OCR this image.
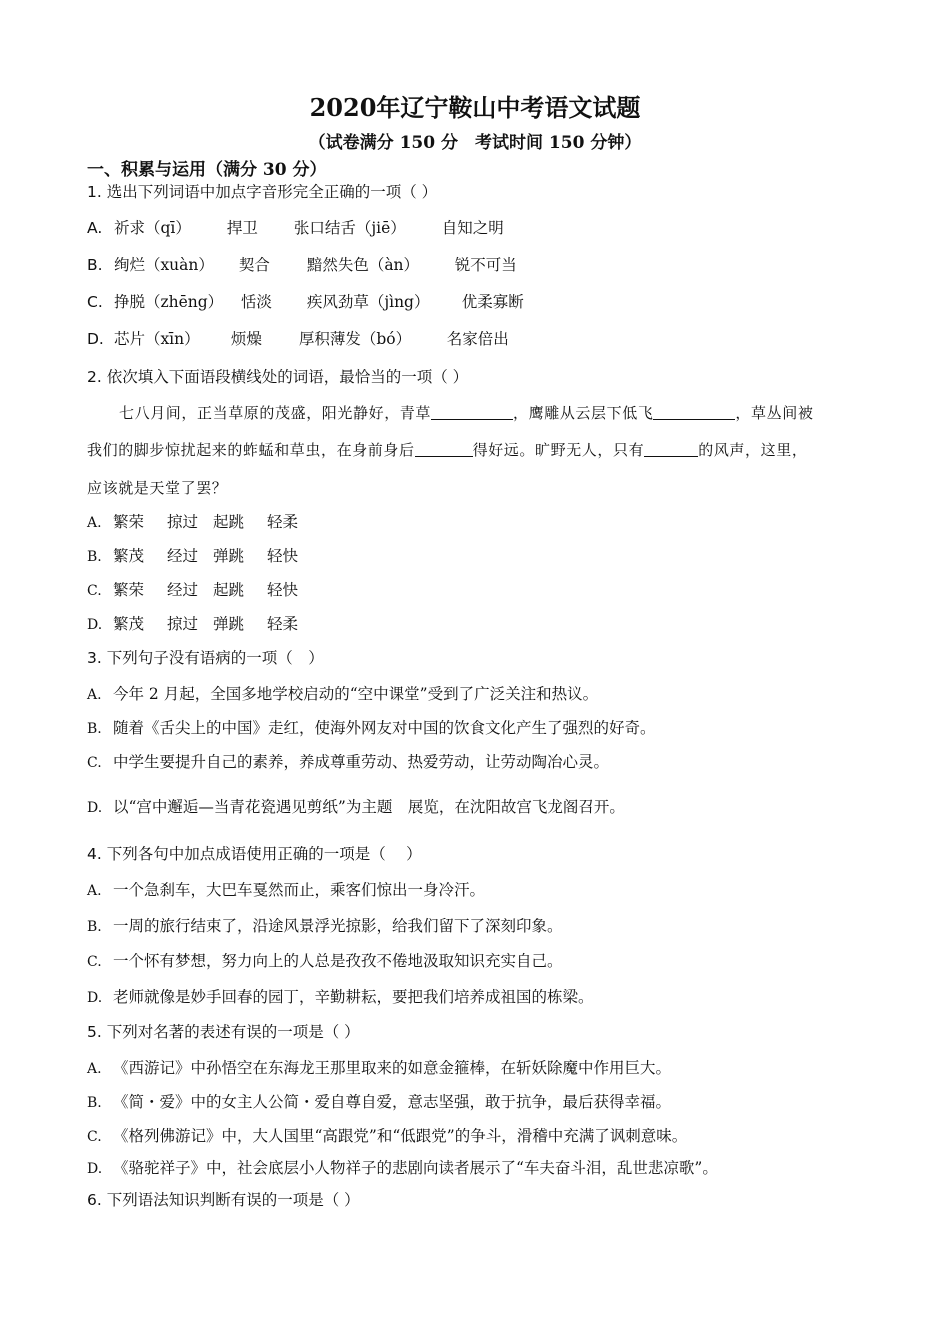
2020年辽宁鞍山中考语文试题
（试卷满分 150 分　考试时间 150 分钟）
一、积累与运用（满分 30 分）
1. 选出下列词语中加点字音形完全正确的一项（ ）
A. 祈求（qī） 捍卫 张口结舌（jiē） 自知之明
B. 绚烂（xuàn） 契合 黯然失色（àn） 锐不可当
C. 挣脱（zhēng） 恬淡 疾风劲草（jìng） 优柔寡断
D. 芯片（xīn） 烦燥 厚积薄发（bó） 名家倍出
2. 依次填入下面语段横线处的词语，最恰当的一项（ ）
七八月间，正当草原的茂盛，阳光静好，青草	，鹰雕从云层下低飞	，草丛间被
我们的脚步惊扰起来的蚱蜢和草虫，在身前身后	得好远。旷野无人，只有	的风声，这里，
应该就是天堂了罢？
A. 繁荣 掠过 起跳 轻柔
B. 繁茂 经过 弹跳 轻快
C. 繁荣 经过 起跳 轻快
D. 繁茂 掠过 弹跳 轻柔
3. 下列句子没有语病的一项（　）
A. 今年 2 月起，全国多地学校启动的“空中课堂”受到了广泛关注和热议。
B. 随着《舌尖上的中国》走红，使海外网友对中国的饮食文化产生了强烈的好奇。
C. 中学生要提升自己的素养，养成尊重劳动、热爱劳动，让劳动陶冶心灵。
D. 以“宫中邂逅—当青花瓷遇见剪纸”为主题　展览，在沈阳故宫飞龙阁召开。
4. 下列各句中加点成语使用正确的一项是（　 ）
A. 一个急刹车，大巴车戛然而止，乘客们惊出一身冷汗。
B. 一周的旅行结束了，沿途风景浮光掠影，给我们留下了深刻印象。
C. 一个怀有梦想，努力向上的人总是孜孜不倦地汲取知识充实自己。
D. 老师就像是妙手回春的园丁，辛勤耕耘，要把我们培养成祖国的栋梁。
5. 下列对名著的表述有误的一项是（ ）
A. 《西游记》中孙悟空在东海龙王那里取来的如意金箍棒，在斩妖除魔中作用巨大。
B. 《简・爱》中的女主人公简・爱自尊自爱，意志坚强，敢于抗争，最后获得幸福。
C. 《格列佛游记》中，大人国里“高跟党”和“低跟党”的争斗，滑稽中充满了讽刺意味。
D. 《骆驼祥子》中，社会底层小人物祥子的悲剧向读者展示了“车夫奋斗泪，乱世悲凉歌”。
6. 下列语法知识判断有误的一项是（ ）
